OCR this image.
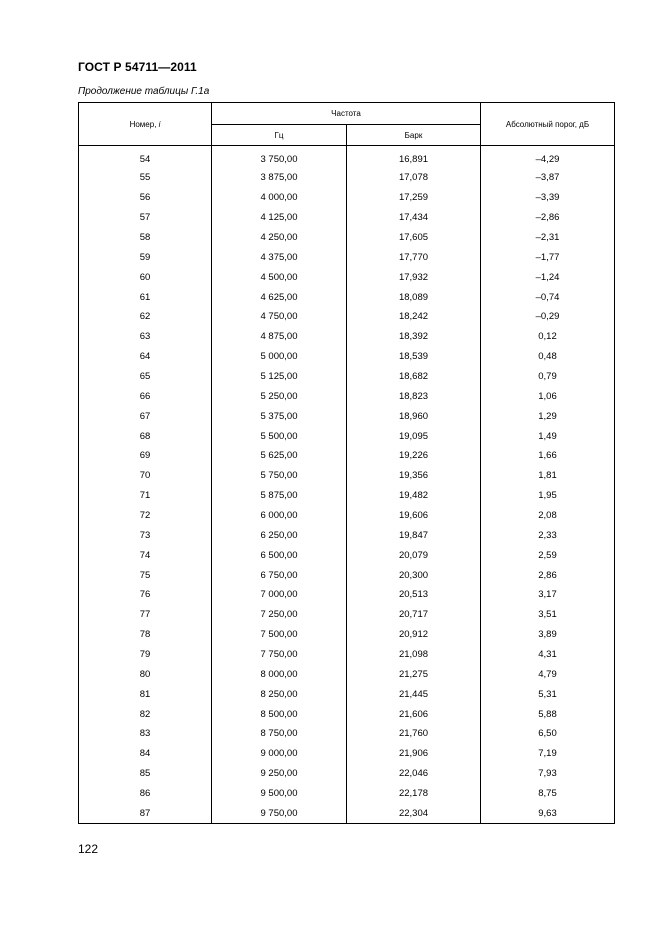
ГОСТ Р 54711—2011
Продолжение таблицы Г.1а
Номер, i	Частота		Абсолютный порог, дБ
	Гц	Барк	
54	3 750,00	16,891	–4,29
55	3 875,00	17,078	–3,87
56	4 000,00	17,259	–3,39
57	4 125,00	17,434	–2,86
58	4 250,00	17,605	–2,31
59	4 375,00	17,770	–1,77
60	4 500,00	17,932	–1,24
61	4 625,00	18,089	–0,74
62	4 750,00	18,242	–0,29
63	4 875,00	18,392	0,12
64	5 000,00	18,539	0,48
65	5 125,00	18,682	0,79
66	5 250,00	18,823	1,06
67	5 375,00	18,960	1,29
68	5 500,00	19,095	1,49
69	5 625,00	19,226	1,66
70	5 750,00	19,356	1,81
71	5 875,00	19,482	1,95
72	6 000,00	19,606	2,08
73	6 250,00	19,847	2,33
74	6 500,00	20,079	2,59
75	6 750,00	20,300	2,86
76	7 000,00	20,513	3,17
77	7 250,00	20,717	3,51
78	7 500,00	20,912	3,89
79	7 750,00	21,098	4,31
80	8 000,00	21,275	4,79
81	8 250,00	21,445	5,31
82	8 500,00	21,606	5,88
83	8 750,00	21,760	6,50
84	9 000,00	21,906	7,19
85	9 250,00	22,046	7,93
86	9 500,00	22,178	8,75
87	9 750,00	22,304	9,63
122
